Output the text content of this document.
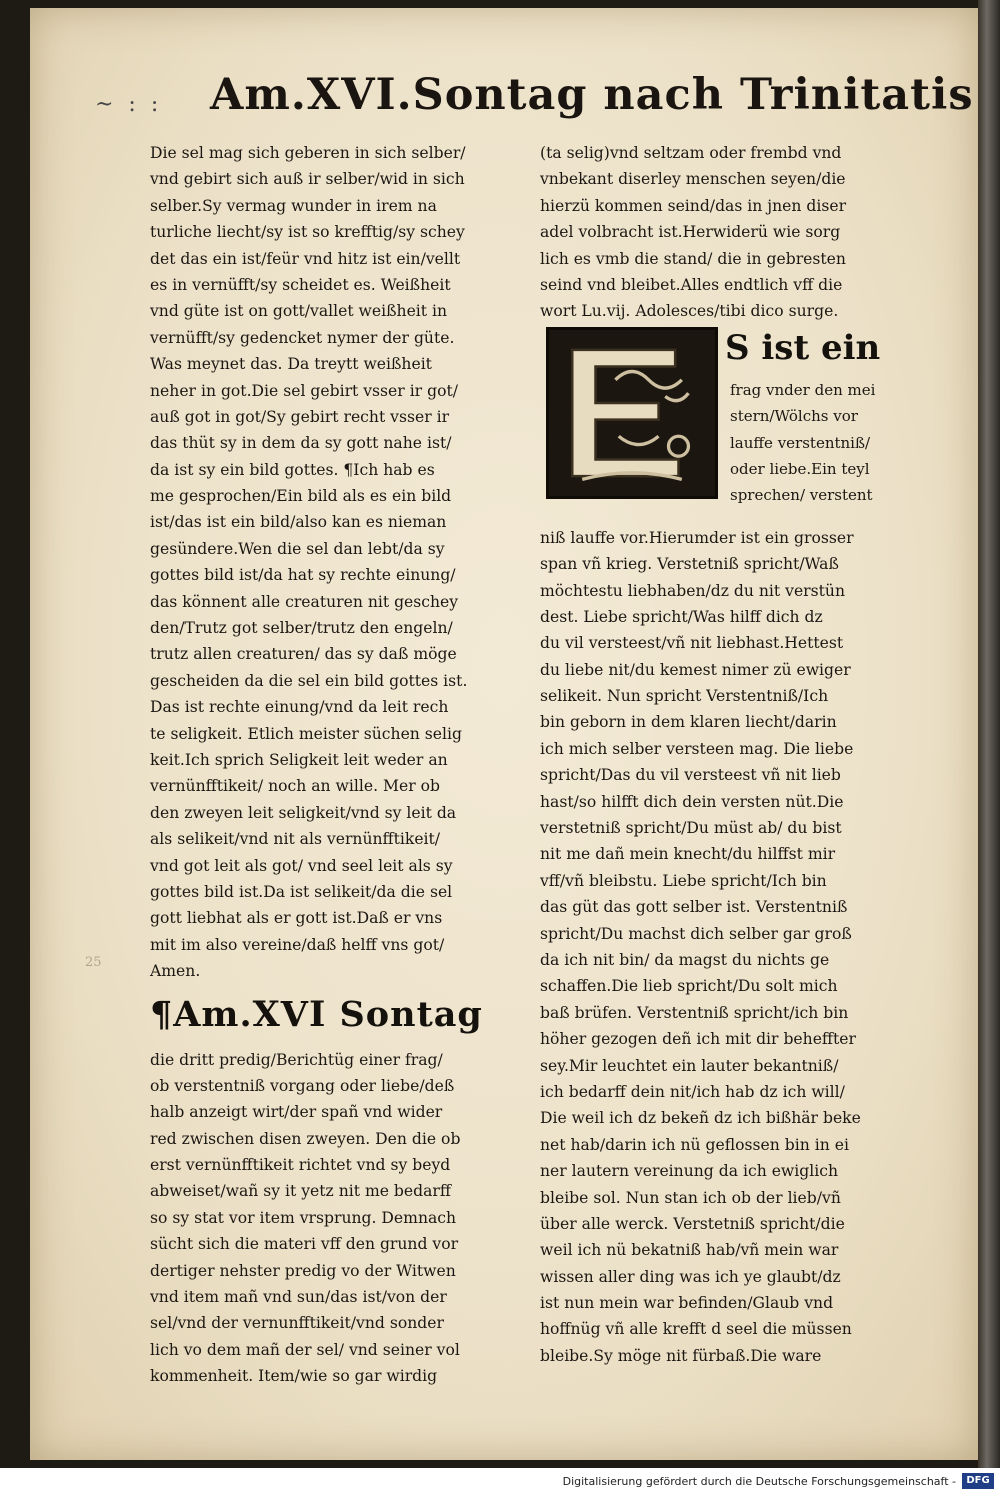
~ : : Am.XVI.Sontag nach Trinitatis
25
Die sel mag sich geberen in sich selber/
vnd gebirt sich auß ir selber/wid in sich
selber.Sy vermag wunder in irem na
turliche liecht/sy ist so krefftig/sy schey
det das ein ist/feür vnd hitz ist ein/vellt
es in vernüfft/sy scheidet es. Weißheit
vnd güte ist on gott/vallet weißheit in
vernüfft/sy gedencket nymer der güte.
Was meynet das. Da treytt weißheit
neher in got.Die sel gebirt vsser ir got/
auß got in got/Sy gebirt recht vsser ir
das thüt sy in dem da sy gott nahe ist/
da ist sy ein bild gottes. ¶Ich hab es
me gesprochen/Ein bild als es ein bild
ist/das ist ein bild/also kan es nieman
gesündere.Wen die sel dan lebt/da sy
gottes bild ist/da hat sy rechte einung/
das könnent alle creaturen nit geschey
den/Trutz got selber/trutz den engeln/
trutz allen creaturen/ das sy daß möge
gescheiden da die sel ein bild gottes ist.
Das ist rechte einung/vnd da leit rech
te seligkeit. Etlich meister süchen selig
keit.Ich sprich Seligkeit leit weder an
vernünfftikeit/ noch an wille. Mer ob
den zweyen leit seligkeit/vnd sy leit da
als selikeit/vnd nit als vernünfftikeit/
vnd got leit als got/ vnd seel leit als sy
gottes bild ist.Da ist selikeit/da die sel
gott liebhat als er gott ist.Daß er vns
mit im also vereine/daß helff vns got/
Amen.
¶Am.XVI Sontag
die dritt predig/Berichtüg einer frag/
ob verstentniß vorgang oder liebe/deß
halb anzeigt wirt/der spañ vnd wider
red zwischen disen zweyen. Den die ob
erst vernünfftikeit richtet vnd sy beyd
abweiset/wañ sy it yetz nit me bedarff
so sy stat vor item vrsprung. Demnach
sücht sich die materi vff den grund vor
dertiger nehster predig vo der Witwen
vnd item mañ vnd sun/das ist/von der
sel/vnd der vernunfftikeit/vnd sonder
lich vo dem mañ der sel/ vnd seiner vol
kommenheit. Item/wie so gar wirdig
(ta selig)vnd seltzam oder frembd vnd
vnbekant diserley menschen seyen/die
hierzü kommen seind/das in jnen diser
adel volbracht ist.Herwiderü wie sorg
lich es vmb die stand/ die in gebresten
seind vnd bleibet.Alles endtlich vff die
wort Lu.vij. Adolesces/tibi dico surge.
S ist ein
frag vnder den mei
stern/Wölchs vor
lauffe verstentniß/
oder liebe.Ein teyl
sprechen/ verstent
niß lauffe vor.Hierumder ist ein grosser
span vñ krieg. Verstetniß spricht/Waß
möchtestu liebhaben/dz du nit verstün
dest. Liebe spricht/Was hilff dich dz
du vil versteest/vñ nit liebhast.Hettest
du liebe nit/du kemest nimer zü ewiger
selikeit. Nun spricht Verstentniß/Ich
bin geborn in dem klaren liecht/darin
ich mich selber versteen mag. Die liebe
spricht/Das du vil versteest vñ nit lieb
hast/so hilfft dich dein versten nüt.Die
verstetniß spricht/Du müst ab/ du bist
nit me dañ mein knecht/du hilffst mir
vff/vñ bleibstu. Liebe spricht/Ich bin
das güt das gott selber ist. Verstentniß
spricht/Du machst dich selber gar groß
da ich nit bin/ da magst du nichts ge
schaffen.Die lieb spricht/Du solt mich
baß brüfen. Verstentniß spricht/ich bin
höher gezogen deñ ich mit dir beheffter
sey.Mir leuchtet ein lauter bekantniß/
ich bedarff dein nit/ich hab dz ich will/
Die weil ich dz bekeñ dz ich bißhär beke
net hab/darin ich nü geflossen bin in ei
ner lautern vereinung da ich ewiglich
bleibe sol. Nun stan ich ob der lieb/vñ
über alle werck. Verstetniß spricht/die
weil ich nü bekatniß hab/vñ mein war
wissen aller ding was ich ye glaubt/dz
ist nun mein war befinden/Glaub vnd
hoffnüg vñ alle krefft d seel die müssen
bleibe.Sy möge nit fürbaß.Die ware
Digitalisierung gefördert durch die Deutsche Forschungsgemeinschaft -	DFG
